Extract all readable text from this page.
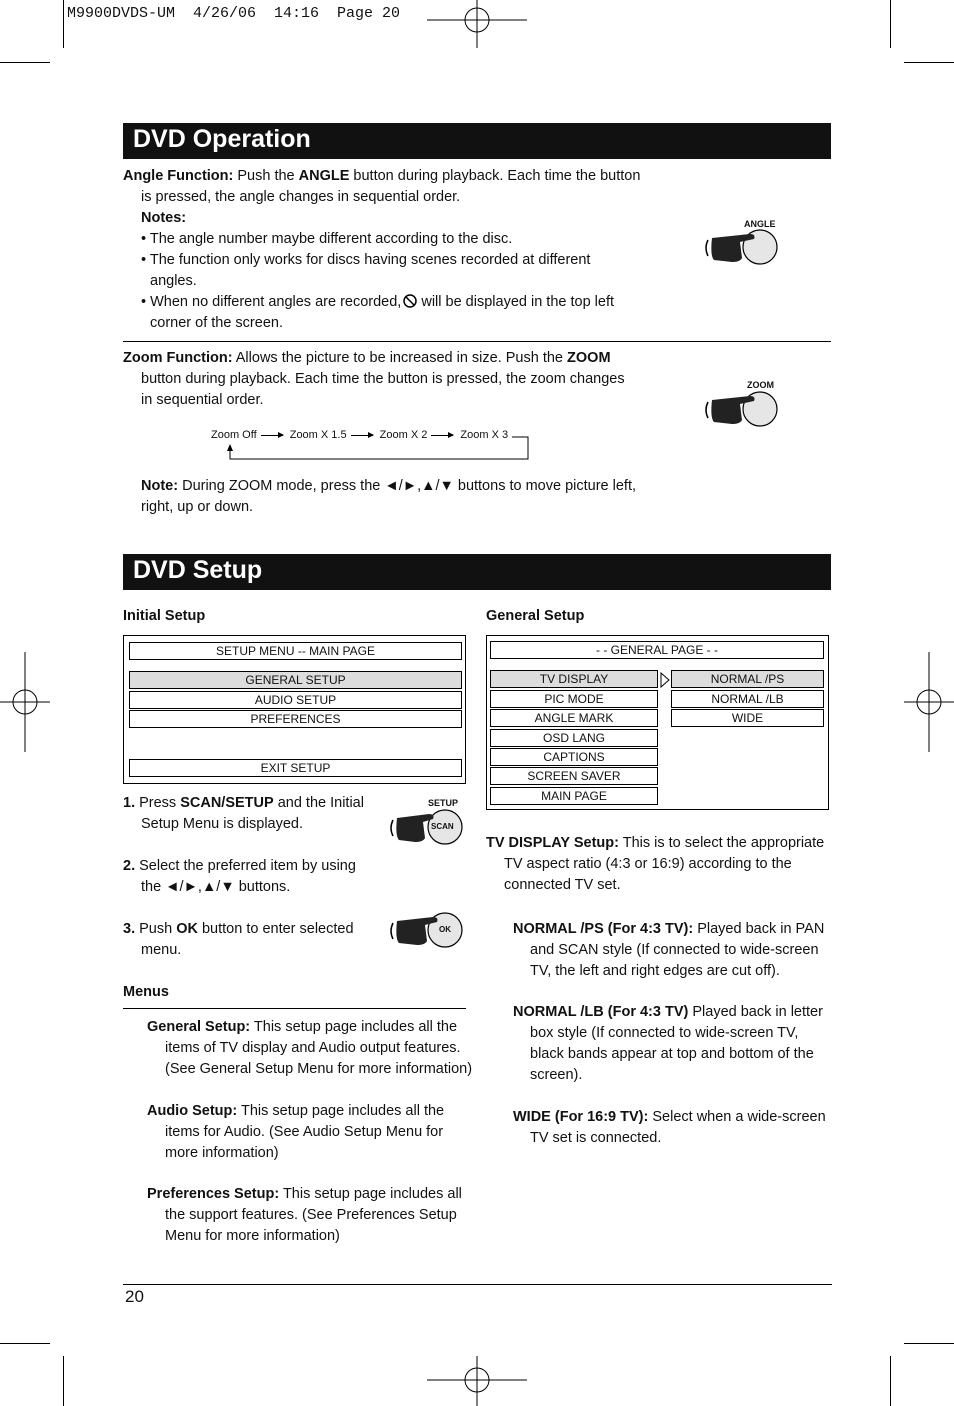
M9900DVDS-UM  4/26/06  14:16  Page 20
DVD Operation
Angle Function: Push the ANGLE button during playback. Each time the button
is pressed, the angle changes in sequential order.
Notes:
• The angle number maybe different according to the disc.
• The function only works for discs having scenes recorded at different
angles.
• When no different angles are recorded, will be displayed in the top left
corner of the screen.
ANGLE
Zoom Function: Allows the picture to be increased in size. Push the ZOOM
button during playback. Each time the button is pressed, the zoom changes
in sequential order.
ZOOM
Zoom Off	Zoom X 1.5	Zoom X 2	Zoom X 3
Note: During ZOOM mode, press the ◄/►,▲/▼ buttons to move picture left,
right, up or down.
DVD Setup
Initial Setup
SETUP MENU -- MAIN PAGE
GENERAL SETUP
AUDIO SETUP
PREFERENCES
EXIT SETUP
1. Press SCAN/SETUP and the Initial
Setup Menu is displayed.
SETUP
SCAN
2. Select the preferred item by using
the ◄/►,▲/▼ buttons.
3. Push OK button to enter selected
menu.
OK
Menus
General Setup: This setup page includes all the
items of TV display and Audio output features.
(See General Setup Menu for more information)
Audio Setup: This setup page includes all the
items for Audio. (See Audio Setup Menu for
more information)
Preferences Setup: This setup page includes all
the support features. (See Preferences Setup
Menu for more information)
General Setup
- - GENERAL PAGE - -
TV DISPLAY
PIC MODE
ANGLE MARK
OSD LANG
CAPTIONS
SCREEN SAVER
MAIN PAGE
NORMAL /PS
NORMAL /LB
WIDE
TV DISPLAY Setup: This is to select the appropriate
TV aspect ratio (4:3 or 16:9) according to the
connected TV set.
NORMAL /PS (For 4:3 TV): Played back in PAN
and SCAN style (If connected to wide-screen
TV, the left and right edges are cut off).
NORMAL /LB (For 4:3 TV) Played back in letter
box style (If connected to wide-screen TV,
black bands appear at top and bottom of the
screen).
WIDE (For 16:9 TV): Select when a wide-screen
TV set is connected.
20
